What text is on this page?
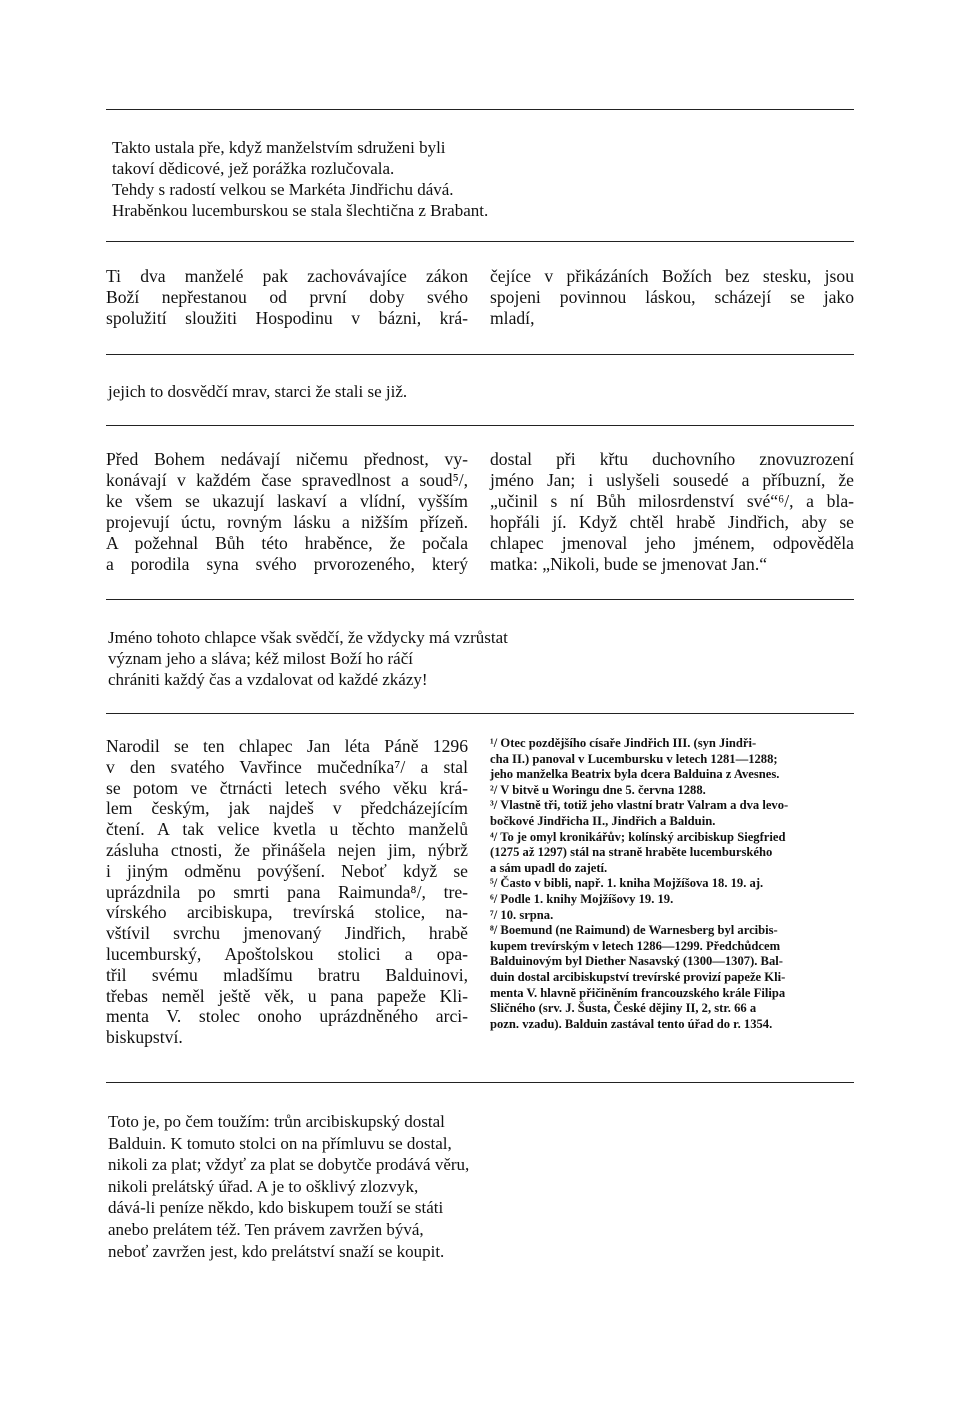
Takto ustala pře, když manželstvím sdruženi byli
takoví dědicové, jež porážka rozlučovala.
Tehdy s radostí velkou se Markéta Jindřichu dává.
Hraběnkou lucemburskou se stala šlechtična z Brabant.
Ti dva manželé pak zachovávajíce zákon
Boží nepřestanou od první doby svého
spolužití sloužiti Hospodinu v bázni, krá-
čejíce v přikázáních Božích bez stesku, jsou
spojeni povinnou láskou, scházejí se jako
mladí,
jejich to dosvědčí mrav, starci že stali se již.
Před Bohem nedávají ničemu přednost, vy-
konávají v každém čase spravedlnost a soud⁵/,
ke všem se ukazují laskaví a vlídní, vyšším
projevují úctu, rovným lásku a nižším přízeň.
A požehnal Bůh této hraběnce, že počala
a porodila syna svého prvorozeného, který
dostal při křtu duchovního znovuzrození
jméno Jan; i uslyšeli sousedé a příbuzní, že
„učinil s ní Bůh milosrdenství své“⁶/, a bla-
hopřáli jí. Když chtěl hrabě Jindřich, aby se
chlapec jmenoval jeho jménem, odpověděla
matka: „Nikoli, bude se jmenovat Jan.“
Jméno tohoto chlapce však svědčí, že vždycky má vzrůstat
význam jeho a sláva; kéž milost Boží ho ráčí
chrániti každý čas a vzdalovat od každé zkázy!
Narodil se ten chlapec Jan léta Páně 1296
v den svatého Vavřince mučedníka⁷/ a stal
se potom ve čtrnácti letech svého věku krá-
lem českým, jak najdeš v předcházejícím
čtení. A tak velice kvetla u těchto manželů
zásluha ctnosti, že přinášela nejen jim, nýbrž
i jiným odměnu povýšení. Neboť když se
uprázdnila po smrti pana Raimunda⁸/, tre-
vírského arcibiskupa, trevírská stolice, na-
vštívil svrchu jmenovaný Jindřich, hrabě
lucemburský, Apoštolskou stolici a opa-
třil svému mladšímu bratru Balduinovi,
třebas neměl ještě věk, u pana papeže Kli-
menta V. stolec onoho uprázdněného arci-
biskupství.
¹/ Otec pozdějšího císaře Jindřich III. (syn Jindři-
cha II.) panoval v Lucembursku v letech 1281—1288;
jeho manželka Beatrix byla dcera Balduina z Avesnes.
²/ V bitvě u Woringu dne 5. června 1288.
³/ Vlastně tři, totiž jeho vlastní bratr Valram a dva levo-
bočkové Jindřicha II., Jindřich a Balduin.
⁴/ To je omyl kronikářův; kolínský arcibiskup Siegfried
(1275 až 1297) stál na straně hraběte lucemburského
a sám upadl do zajetí.
⁵/ Často v bibli, např. 1. kniha Mojžíšova 18. 19. aj.
⁶/ Podle 1. knihy Mojžíšovy 19. 19.
⁷/ 10. srpna.
⁸/ Boemund (ne Raimund) de Warnesberg byl arcibis-
kupem trevírským v letech 1286—1299. Předchůdcem
Balduinovým byl Diether Nasavský (1300—1307). Bal-
duin dostal arcibiskupství trevírské provizí papeže Kli-
menta V. hlavně přičiněním francouzského krále Filipa
Sličného (srv. J. Šusta, České dějiny II, 2, str. 66 a
pozn. vzadu). Balduin zastával tento úřad do r. 1354.
Toto je, po čem toužím: trůn arcibiskupský dostal
Balduin. K tomuto stolci on na přímluvu se dostal,
nikoli za plat; vždyť za plat se dobytče prodává věru,
nikoli prelátský úřad. A je to ošklivý zlozvyk,
dává-li peníze někdo, kdo biskupem touží se státi
anebo prelátem též. Ten právem zavržen bývá,
neboť zavržen jest, kdo prelátství snaží se koupit.
